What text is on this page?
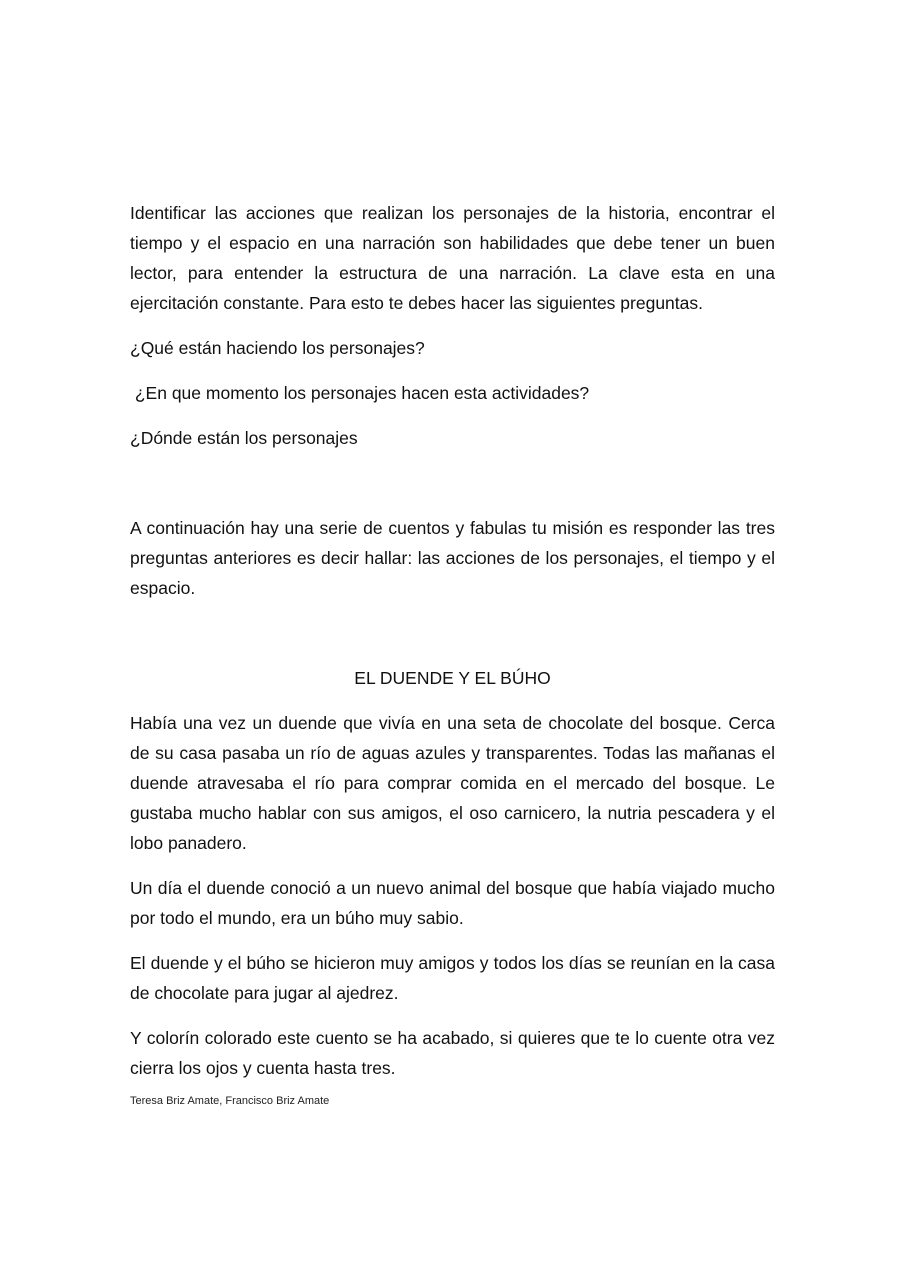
Identificar las acciones que realizan los personajes de la historia, encontrar el tiempo y el espacio en una narración son habilidades que debe tener un buen lector, para entender la estructura de una narración. La clave esta en una ejercitación constante. Para esto te debes hacer las siguientes preguntas.

¿Qué están haciendo los personajes?

¿En que momento los personajes hacen esta actividades?

¿Dónde están los personajes

A continuación hay una serie de cuentos y fabulas tu misión es responder las tres preguntas anteriores es decir hallar: las acciones de los personajes, el tiempo y el espacio.

EL DUENDE Y EL BÚHO

Había una vez un duende que vivía en una seta de chocolate del bosque. Cerca de su casa pasaba un río de aguas azules y transparentes. Todas las mañanas el duende atravesaba el río para comprar comida en el mercado del bosque. Le gustaba mucho hablar con sus amigos, el oso carnicero, la nutria pescadera y el lobo panadero.

Un día el duende conoció a un nuevo animal del bosque que había viajado mucho por todo el mundo, era un búho muy sabio.

El duende y el búho se hicieron muy amigos y todos los días se reunían en la casa de chocolate para jugar al ajedrez.

Y colorín colorado este cuento se ha acabado, si quieres que te lo cuente otra vez cierra los ojos y cuenta hasta tres.

Teresa Briz Amate, Francisco Briz Amate
